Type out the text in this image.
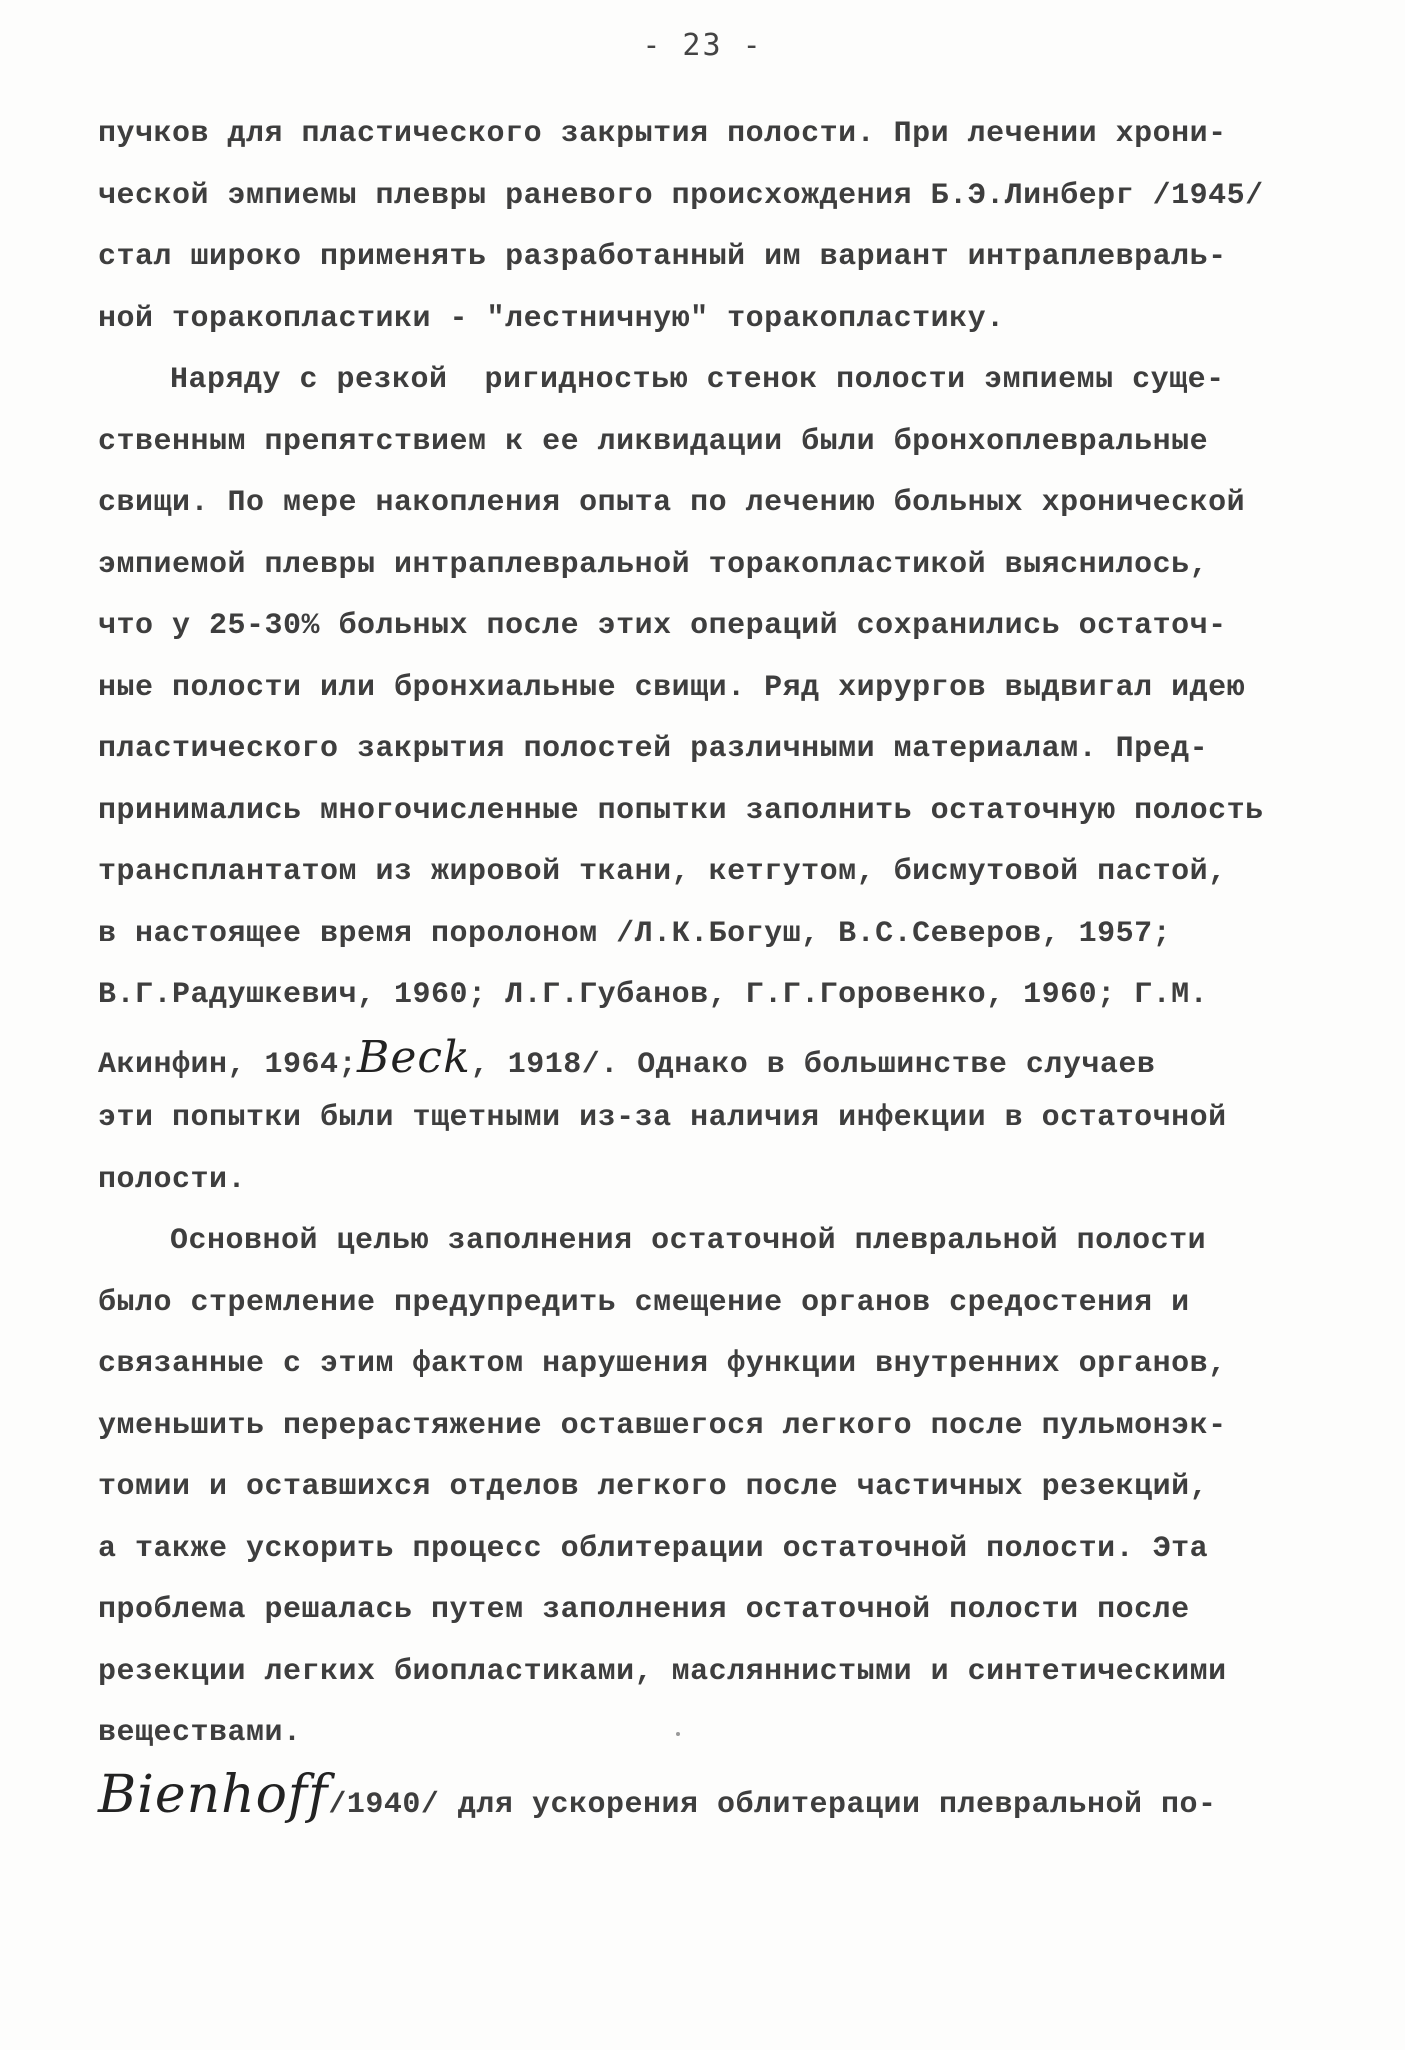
- 23 -
пучков для пластического закрытия полости. При лечении хрони-
ческой эмпиемы плевры раневого происхождения Б.Э.Линберг /1945/
стал широко применять разработанный им вариант интраплевраль-
ной торакопластики - "лестничную" торакопластику.
Наряду с резкой  ригидностью стенок полости эмпиемы суще-
ственным препятствием к ее ликвидации были бронхоплевральные
свищи. По мере накопления опыта по лечению больных хронической
эмпиемой плевры интраплевральной торакопластикой выяснилось,
что у 25-30% больных после этих операций сохранились остаточ-
ные полости или бронхиальные свищи. Ряд хирургов выдвигал идею
пластического закрытия полостей различными материалам. Пред-
принимались многочисленные попытки заполнить остаточную полость
трансплантатом из жировой ткани, кетгутом, бисмутовой пастой,
в настоящее время поролоном /Л.К.Богуш, В.С.Северов, 1957;
В.Г.Радушкевич, 1960; Л.Г.Губанов, Г.Г.Горовенко, 1960; Г.М.
Акинфин, 1964;Beck, 1918/. Однако в большинстве случаев
эти попытки были тщетными из-за наличия инфекции в остаточной
полости.
Основной целью заполнения остаточной плевральной полости
было стремление предупредить смещение органов средостения и
связанные с этим фактом нарушения функции внутренних органов,
уменьшить перерастяжение оставшегося легкого после пульмонэк-
томии и оставшихся отделов легкого после частичных резекций,
а также ускорить процесс облитерации остаточной полости. Эта
проблема решалась путем заполнения остаточной полости после
резекции легких биопластиками, масляннистыми и синтетическими
веществами.
Bienhoff/1940/ для ускорения облитерации плевральной по-
